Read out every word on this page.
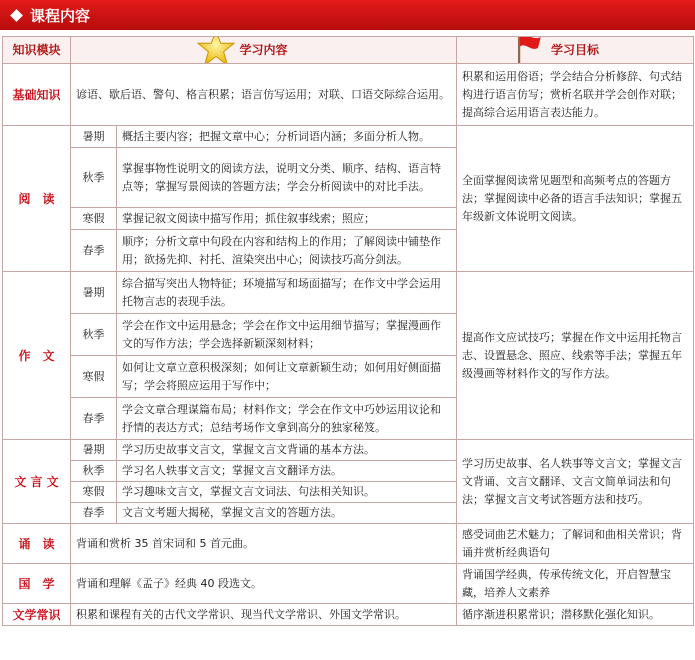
课程内容
知识模块	学习内容		学习目标
基础知识	谚语、歇后语、警句、格言积累；语言仿写运用；对联、口语交际综合运用。		积累和运用俗语；学会结合分析修辞、句式结构进行语言仿写；赏析名联并学会创作对联；提高综合运用语言表达能力。
阅　读	暑期	概括主要内容；把握文章中心；分析词语内涵；多面分析人物。	全面掌握阅读常见题型和高频考点的答题方法；掌握阅读中必备的语言手法知识；掌握五年级新文体说明文阅读。
	秋季	掌握事物性说明文的阅读方法，说明文分类、顺序、结构、语言特点等；掌握写景阅读的答题方法；学会分析阅读中的对比手法。	
	寒假	掌握记叙文阅读中描写作用；抓住叙事线索；照应；	
	春季	顺序；分析文章中句段在内容和结构上的作用；了解阅读中铺垫作用；欲扬先抑、衬托、渲染突出中心；阅读技巧高分剑法。	
作　文	暑期	综合描写突出人物特征；环境描写和场面描写；在作文中学会运用托物言志的表现手法。	提高作文应试技巧；掌握在作文中运用托物言志、设置悬念、照应、线索等手法；掌握五年级漫画等材料作文的写作方法。
	秋季	学会在作文中运用悬念；学会在作文中运用细节描写；掌握漫画作文的写作方法；学会选择新颖深刻材料；	
	寒假	如何让文章立意积极深刻；如何让文章新颖生动；如何用好侧面描写；学会将照应运用于写作中；	
	春季	学会文章合理谋篇布局；材料作文；学会在作文中巧妙运用议论和抒情的表达方式；总结考场作文拿到高分的独家秘笈。	
文 言 文	暑期	学习历史故事文言文，掌握文言文背诵的基本方法。	学习历史故事、名人轶事等文言文；掌握文言文背诵、文言文翻译、文言文简单词法和句法；掌握文言文考试答题方法和技巧。
	秋季	学习名人轶事文言文；掌握文言文翻译方法。	
	寒假	学习趣味文言文，掌握文言文词法、句法相关知识。	
	春季	文言文考题大揭秘，掌握文言文的答题方法。	
诵　读	背诵和赏析 35 首宋词和 5 首元曲。		感受词曲艺术魅力；了解词和曲相关常识；背诵并赏析经典语句
国　学	背诵和理解《孟子》经典 40 段选文。		背诵国学经典，传承传统文化，开启智慧宝藏，培养人文素养
文学常识	积累和课程有关的古代文学常识、现当代文学常识、外国文学常识。		循序渐进积累常识；潜移默化强化知识。
